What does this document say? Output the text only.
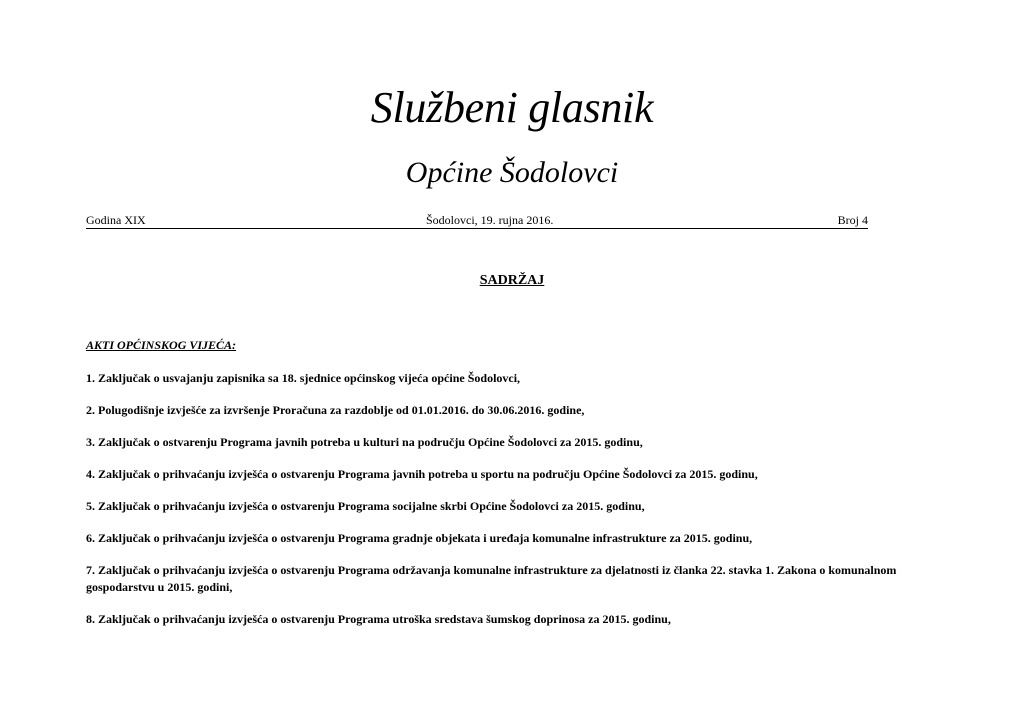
Službeni glasnik
Općine Šodolovci
Godina XIX	Šodolovci, 19. rujna 2016.	Broj 4
SADRŽAJ
AKTI OPĆINSKOG VIJEĆA:
1. Zaključak o usvajanju zapisnika sa 18. sjednice općinskog vijeća općine Šodolovci,
2. Polugodišnje izvješće za izvršenje Proračuna za razdoblje od 01.01.2016. do 30.06.2016. godine,
3. Zaključak o ostvarenju Programa javnih potreba u kulturi na području Općine Šodolovci za 2015. godinu,
4. Zaključak o prihvaćanju izvješća o ostvarenju Programa javnih potreba u sportu na području Općine Šodolovci za 2015. godinu,
5. Zaključak o prihvaćanju izvješća o ostvarenju Programa socijalne skrbi Općine Šodolovci za 2015. godinu,
6. Zaključak o prihvaćanju izvješća o ostvarenju Programa gradnje objekata i uređaja komunalne infrastrukture za 2015. godinu,
7. Zaključak o prihvaćanju izvješća o ostvarenju Programa održavanja komunalne infrastrukture za djelatnosti iz članka 22. stavka 1. Zakona o komunalnom gospodarstvu u 2015. godini,
8. Zaključak o prihvaćanju izvješća o ostvarenju Programa utroška sredstava šumskog doprinosa za 2015. godinu,
